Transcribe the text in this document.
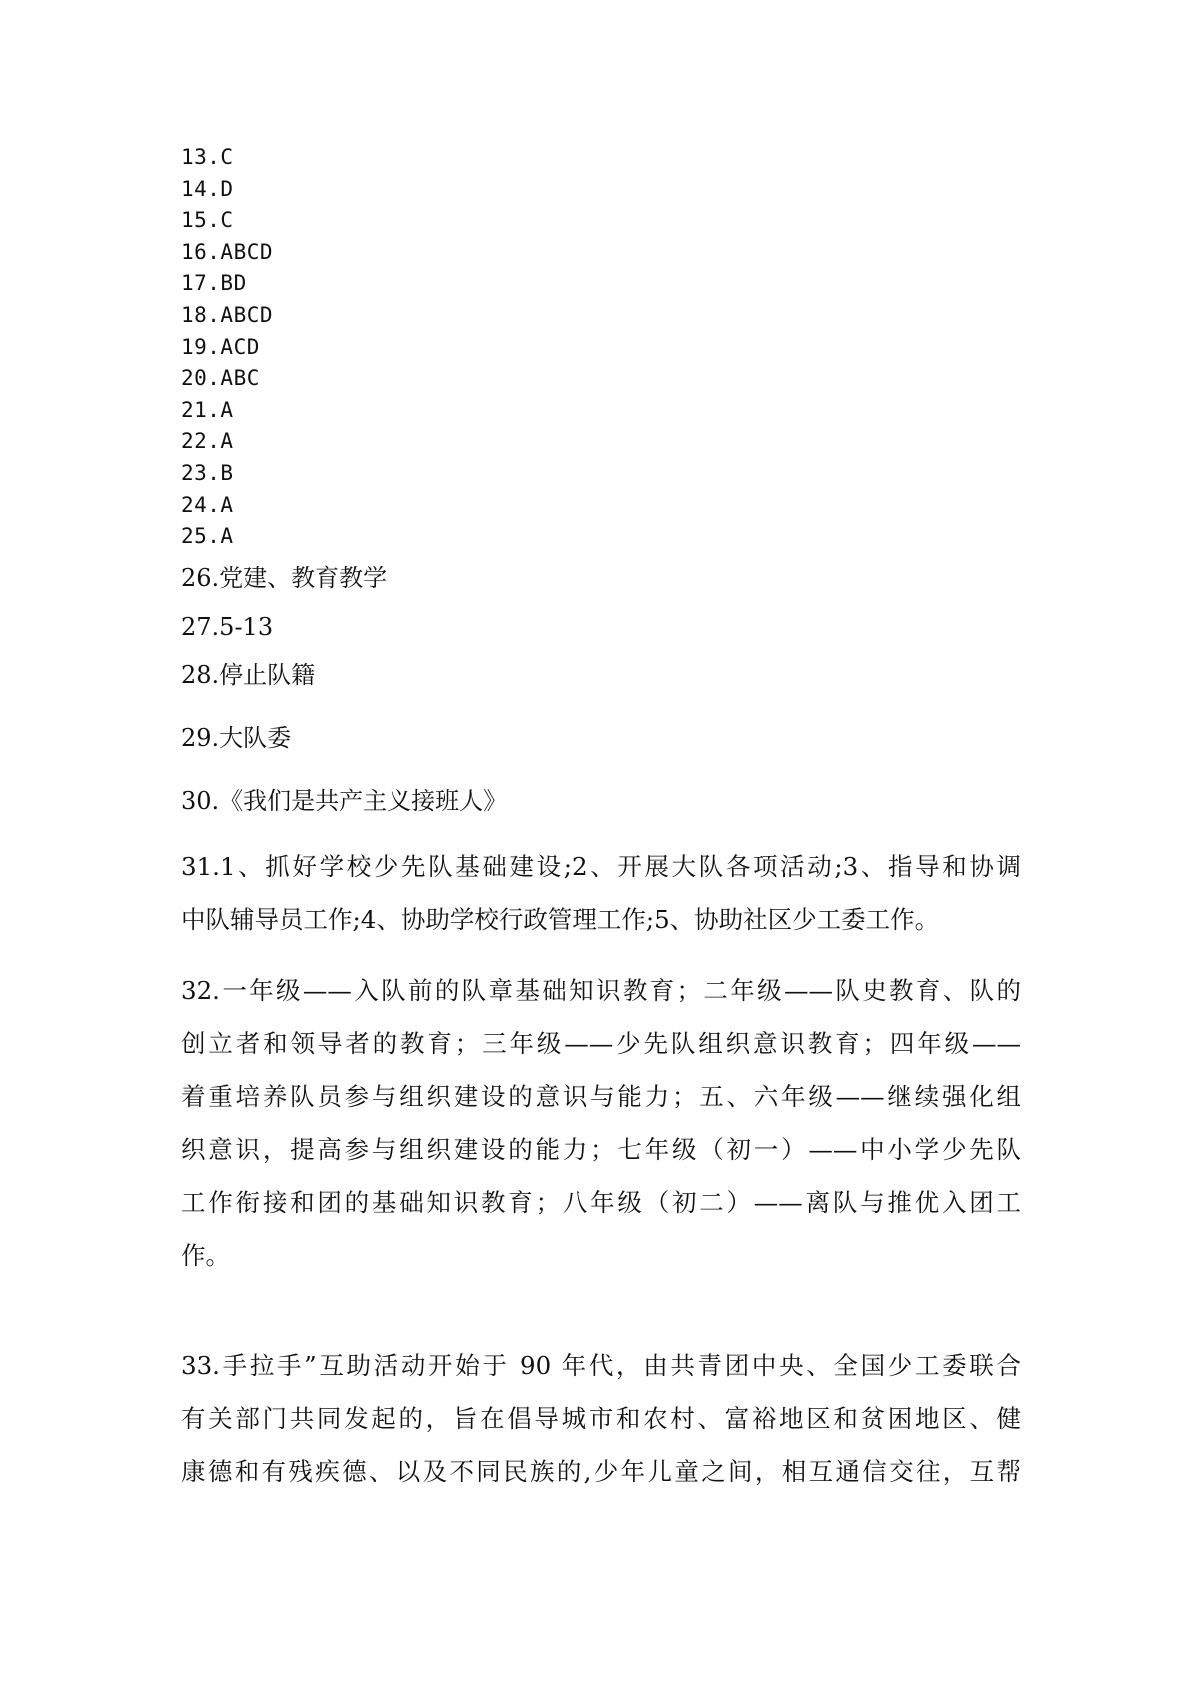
13.C
14.D
15.C
16.ABCD
17.BD
18.ABCD
19.ACD
20.ABC
21.A
22.A
23.B
24.A
25.A
26.党建、教育教学
27.5-13
28.停止队籍
29.大队委
30.《我们是共产主义接班人》
31.1、抓好学校少先队基础建设;2、开展大队各项活动;3、指导和协调
中队辅导员工作;4、协助学校行政管理工作;5、协助社区少工委工作。
32.一年级——入队前的队章基础知识教育；二年级——队史教育、队的
创立者和领导者的教育；三年级——少先队组织意识教育；四年级——
着重培养队员参与组织建设的意识与能力；五、六年级——继续强化组
织意识，提高参与组织建设的能力；七年级（初一）——中小学少先队
工作衔接和团的基础知识教育；八年级（初二）——离队与推优入团工
作。
33.手拉手”互助活动开始于 90 年代，由共青团中央、全国少工委联合
有关部门共同发起的，旨在倡导城市和农村、富裕地区和贫困地区、健
康德和有残疾德、以及不同民族的,少年儿童之间，相互通信交往，互帮
